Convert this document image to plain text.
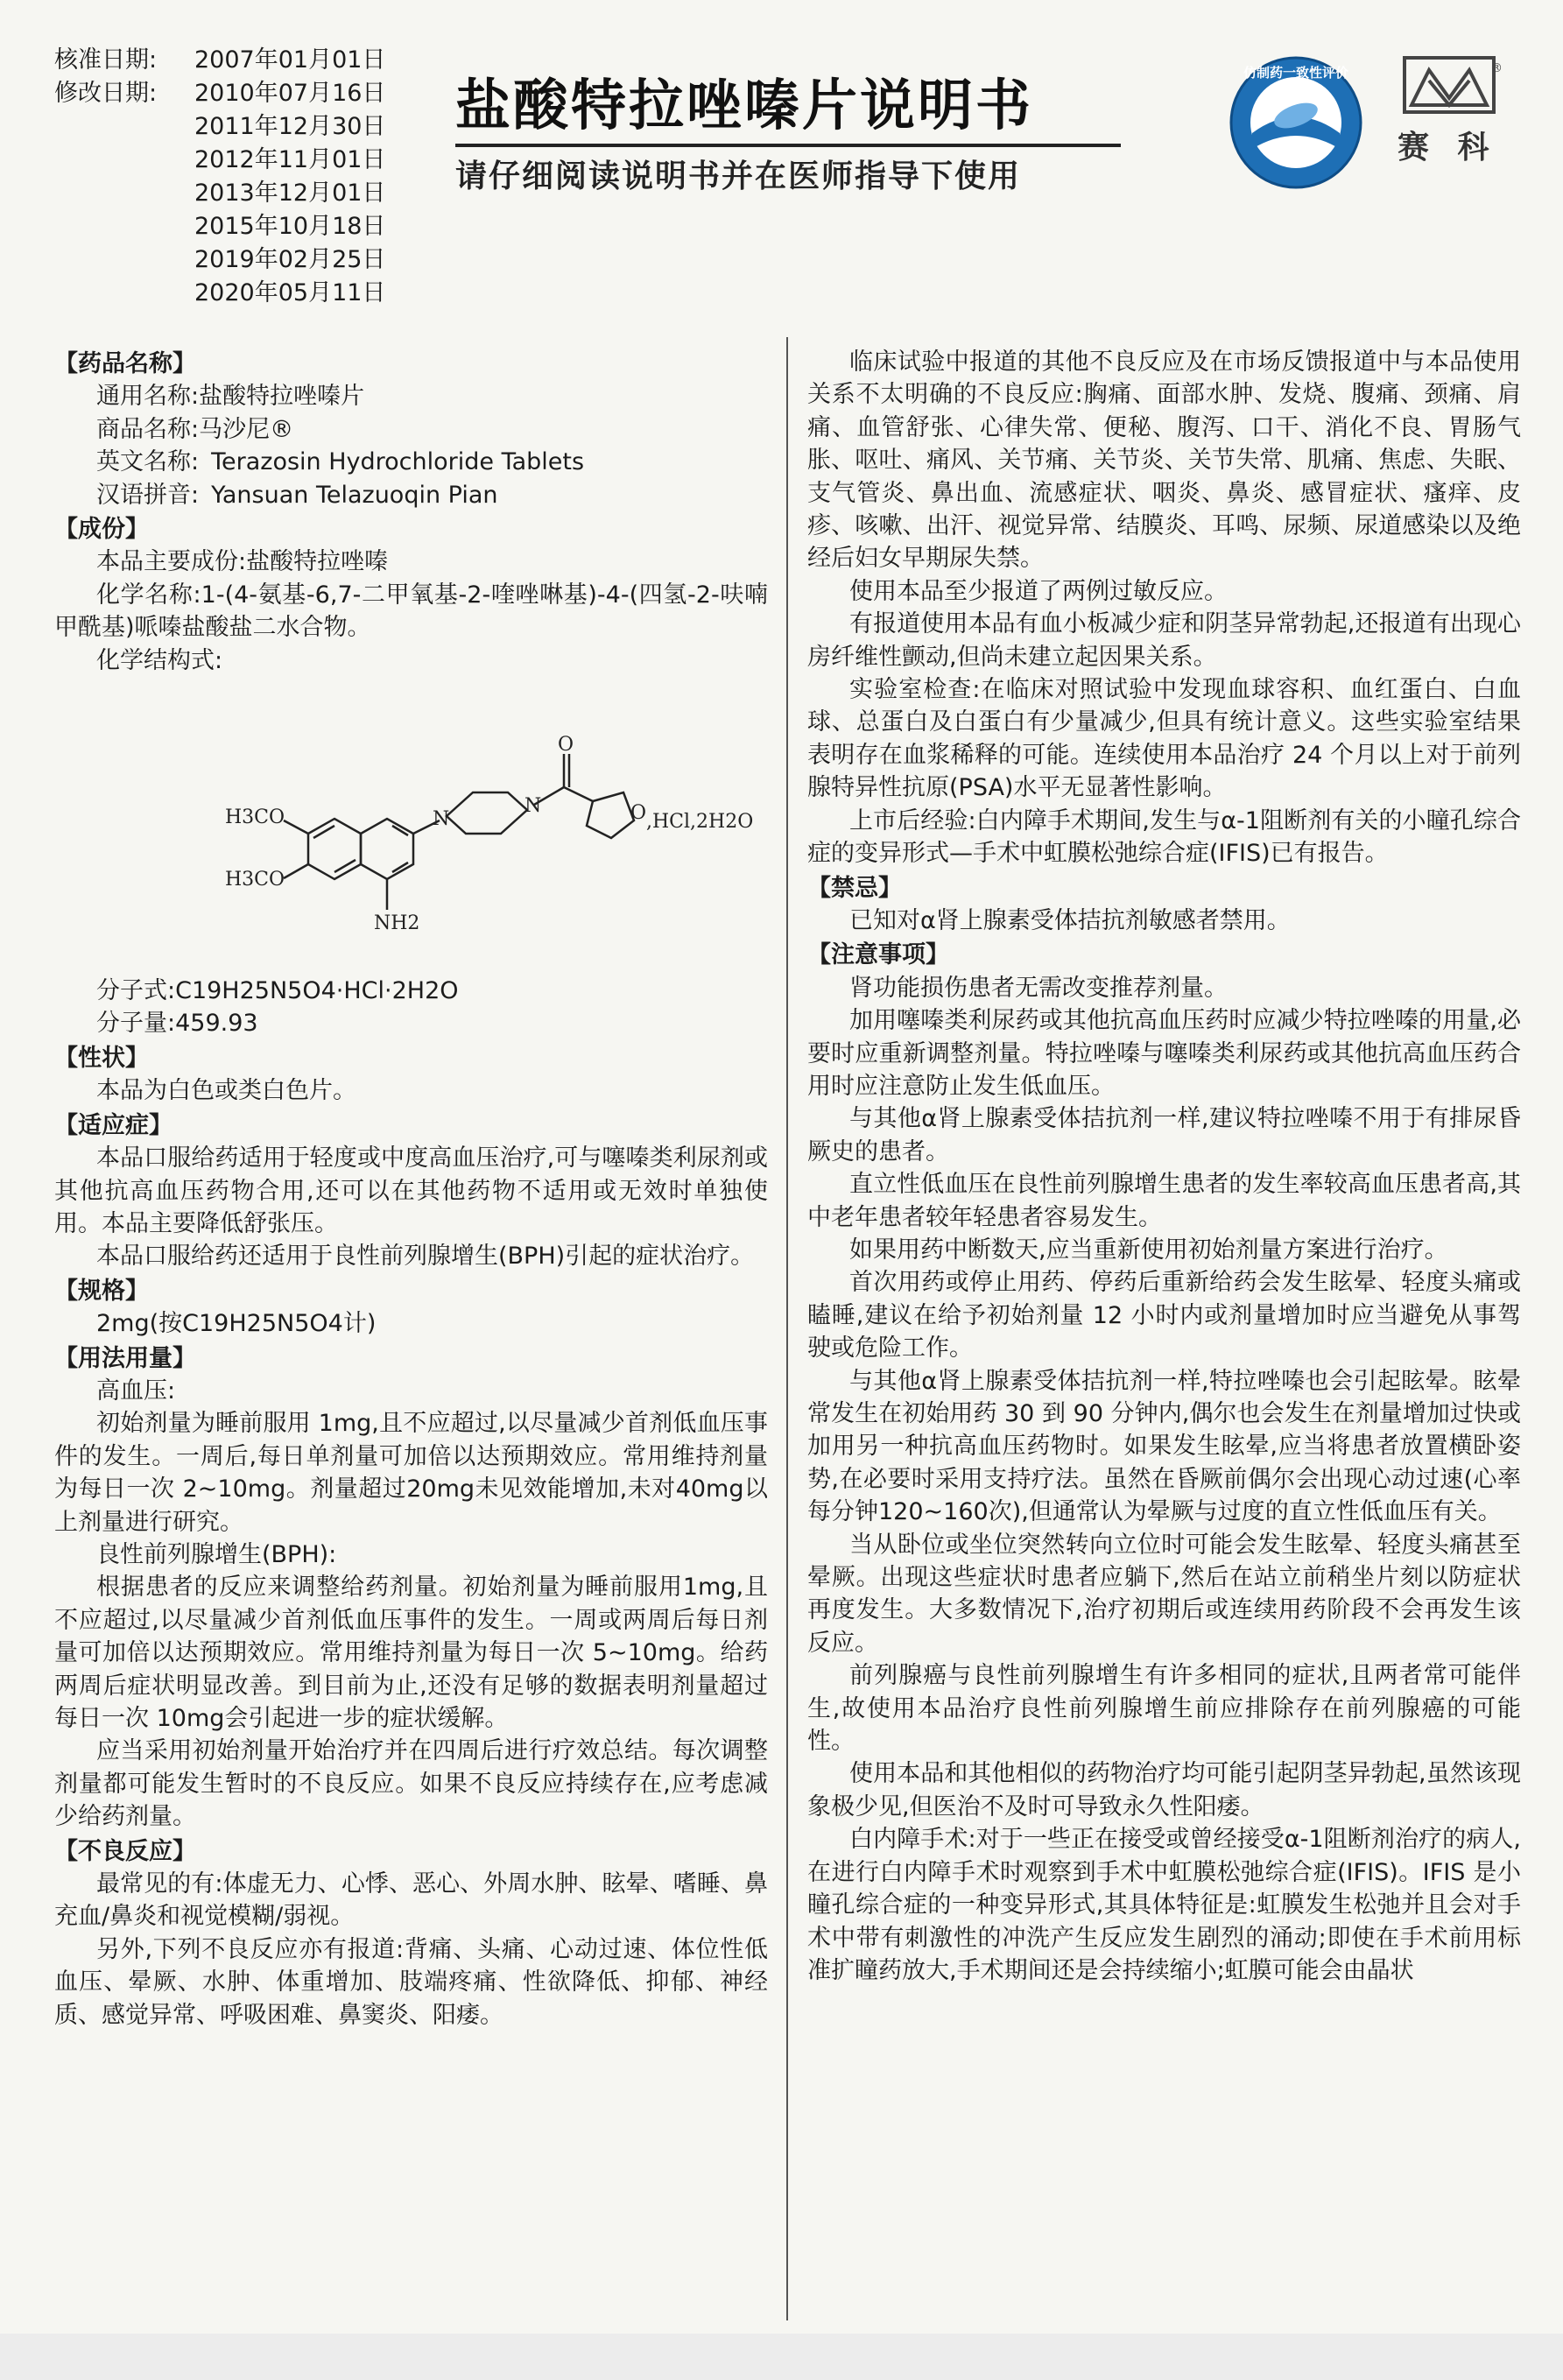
核准日期:	2007年01月01日
修改日期:	2010年07月16日
2011年12月30日
2012年11月01日
2013年12月01日
2015年10月18日
2019年02月25日
2020年05月11日
盐酸特拉唑嗪片说明书
请仔细阅读说明书并在医师指导下使用
仿制药一致性评价	®
赛 科
【药品名称】
通用名称: 盐酸特拉唑嗪片
商品名称: 马沙尼®
英文名称: Terazosin Hydrochloride Tablets
汉语拼音: Yansuan Telazuoqin Pian
【成份】

本品主要成份:盐酸特拉唑嗪

化学名称:1-(4-氨基-6,7-二甲氧基-2-喹唑啉基)-4-(四氢-2-呋喃甲酰基)哌嗪盐酸盐二水合物。

化学结构式:

H3CO
H3CO
NH2
N
N
O
O ,HCl,2H2O

分子式:C19H25N5O4·HCl·2H2O

分子量:459.93

【性状】

本品为白色或类白色片。

【适应症】

本品口服给药适用于轻度或中度高血压治疗,可与噻嗪类利尿剂或其他抗高血压药物合用,还可以在其他药物不适用或无效时单独使用。本品主要降低舒张压。

本品口服给药还适用于良性前列腺增生(BPH)引起的症状治疗。

【规格】

2mg(按C19H25N5O4计)

【用法用量】

高血压:

初始剂量为睡前服用 1mg,且不应超过,以尽量减少首剂低血压事件的发生。一周后,每日单剂量可加倍以达预期效应。常用维持剂量为每日一次 2~10mg。剂量超过20mg未见效能增加,未对40mg以上剂量进行研究。

良性前列腺增生(BPH):

根据患者的反应来调整给药剂量。初始剂量为睡前服用1mg,且不应超过,以尽量减少首剂低血压事件的发生。一周或两周后每日剂量可加倍以达预期效应。常用维持剂量为每日一次 5~10mg。给药两周后症状明显改善。到目前为止,还没有足够的数据表明剂量超过每日一次 10mg会引起进一步的症状缓解。

应当采用初始剂量开始治疗并在四周后进行疗效总结。每次调整剂量都可能发生暂时的不良反应。如果不良反应持续存在,应考虑减少给药剂量。

【不良反应】

最常见的有:体虚无力、心悸、恶心、外周水肿、眩晕、嗜睡、鼻充血/鼻炎和视觉模糊/弱视。

另外,下列不良反应亦有报道:背痛、头痛、心动过速、体位性低血压、晕厥、水肿、体重增加、肢端疼痛、性欲降低、抑郁、神经质、感觉异常、呼吸困难、鼻窦炎、阳痿。

临床试验中报道的其他不良反应及在市场反馈报道中与本品使用关系不太明确的不良反应:胸痛、面部水肿、发烧、腹痛、颈痛、肩痛、血管舒张、心律失常、便秘、腹泻、口干、消化不良、胃肠气胀、呕吐、痛风、关节痛、关节炎、关节失常、肌痛、焦虑、失眠、支气管炎、鼻出血、流感症状、咽炎、鼻炎、感冒症状、瘙痒、皮疹、咳嗽、出汗、视觉异常、结膜炎、耳鸣、尿频、尿道感染以及绝经后妇女早期尿失禁。

使用本品至少报道了两例过敏反应。

有报道使用本品有血小板减少症和阴茎异常勃起,还报道有出现心房纤维性颤动,但尚未建立起因果关系。

实验室检查:在临床对照试验中发现血球容积、血红蛋白、白血球、总蛋白及白蛋白有少量减少,但具有统计意义。这些实验室结果表明存在血浆稀释的可能。连续使用本品治疗 24 个月以上对于前列腺特异性抗原(PSA)水平无显著性影响。

上市后经验:白内障手术期间,发生与α-1阻断剂有关的小瞳孔综合症的变异形式—手术中虹膜松弛综合症(IFIS)已有报告。

【禁忌】

已知对α肾上腺素受体拮抗剂敏感者禁用。

【注意事项】

肾功能损伤患者无需改变推荐剂量。

加用噻嗪类利尿药或其他抗高血压药时应减少特拉唑嗪的用量,必要时应重新调整剂量。特拉唑嗪与噻嗪类利尿药或其他抗高血压药合用时应注意防止发生低血压。

与其他α肾上腺素受体拮抗剂一样,建议特拉唑嗪不用于有排尿昏厥史的患者。

直立性低血压在良性前列腺增生患者的发生率较高血压患者高,其中老年患者较年轻患者容易发生。

如果用药中断数天,应当重新使用初始剂量方案进行治疗。

首次用药或停止用药、停药后重新给药会发生眩晕、轻度头痛或瞌睡,建议在给予初始剂量 12 小时内或剂量增加时应当避免从事驾驶或危险工作。

与其他α肾上腺素受体拮抗剂一样,特拉唑嗪也会引起眩晕。眩晕常发生在初始用药 30 到 90 分钟内,偶尔也会发生在剂量增加过快或加用另一种抗高血压药物时。如果发生眩晕,应当将患者放置横卧姿势,在必要时采用支持疗法。虽然在昏厥前偶尔会出现心动过速(心率每分钟120~160次),但通常认为晕厥与过度的直立性低血压有关。

当从卧位或坐位突然转向立位时可能会发生眩晕、轻度头痛甚至晕厥。出现这些症状时患者应躺下,然后在站立前稍坐片刻以防症状再度发生。大多数情况下,治疗初期后或连续用药阶段不会再发生该反应。

前列腺癌与良性前列腺增生有许多相同的症状,且两者常可能伴生,故使用本品治疗良性前列腺增生前应排除存在前列腺癌的可能性。

使用本品和其他相似的药物治疗均可能引起阴茎异勃起,虽然该现象极少见,但医治不及时可导致永久性阳痿。

白内障手术:对于一些正在接受或曾经接受α-1阻断剂治疗的病人,在进行白内障手术时观察到手术中虹膜松弛综合症(IFIS)。IFIS 是小瞳孔综合症的一种变异形式,其具体特征是:虹膜发生松弛并且会对手术中带有刺激性的冲洗产生反应发生剧烈的涌动;即使在手术前用标准扩瞳药放大,手术期间还是会持续缩小;虹膜可能会由晶状
